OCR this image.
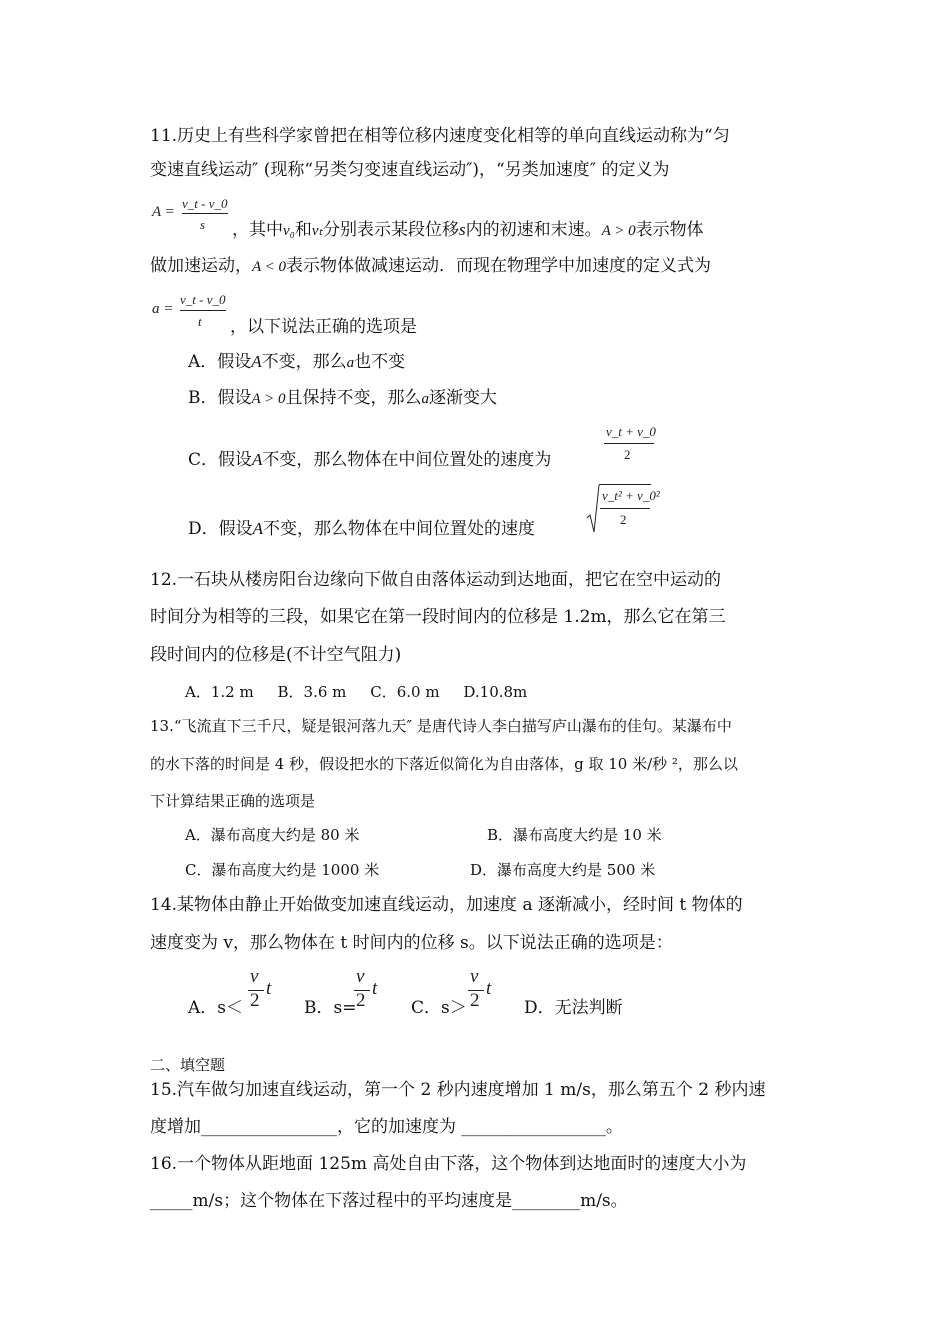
11.历史上有些科学家曾把在相等位移内速度变化相等的单向直线运动称为“匀
变速直线运动″ (现称“另类匀变速直线运动″)，“另类加速度″ 的定义为
A =
v_t - v_0
s ，其中v₀和vₜ分别表示某段位移s内的初速和末速。A > 0表示物体
做加速运动，A < 0表示物体做减速运动．而现在物理学中加速度的定义式为
a =
v_t - v_0
t ，以下说法正确的选项是
A．假设A不变，那么a也不变
B．假设A > 0且保持不变，那么a逐渐变大
C．假设A不变，那么物体在中间位置处的速度为
v_t + v_0
2
D．假设A不变，那么物体在中间位置处的速度
v_t² + v_0²
2
12.一石块从楼房阳台边缘向下做自由落体运动到达地面，把它在空中运动的
时间分为相等的三段，如果它在第一段时间内的位移是 1.2m，那么它在第三
段时间内的位移是(不计空气阻力)
A．1.2 m     B．3.6 m     C．6.0 m     D.10.8m
13.“飞流直下三千尺，疑是银河落九天″ 是唐代诗人李白描写庐山瀑布的佳句。某瀑布中
的水下落的时间是 4 秒，假设把水的下落近似简化为自由落体，g 取 10 米/秒 ²，那么以
下计算结果正确的选项是
A．瀑布高度大约是 80 米	B．瀑布高度大约是 10 米
C．瀑布高度大约是 1000 米	D．瀑布高度大约是 500 米
14.某物体由静止开始做变加速直线运动，加速度 a 逐渐减小，经时间 t 物体的
速度变为 v，那么物体在 t 时间内的位移 s。以下说法正确的选项是：
A．s＜
v
2
t
B．s=
v
2
t
C．s＞
v
2
t
D．无法判断
二、填空题
15.汽车做匀加速直线运动，第一个 2 秒内速度增加 1 m/s，那么第五个 2 秒内速
度增加________________，它的加速度为 _________________。
16.一个物体从距地面 125m 高处自由下落，这个物体到达地面时的速度大小为
_____m/s；这个物体在下落过程中的平均速度是________m/s。
